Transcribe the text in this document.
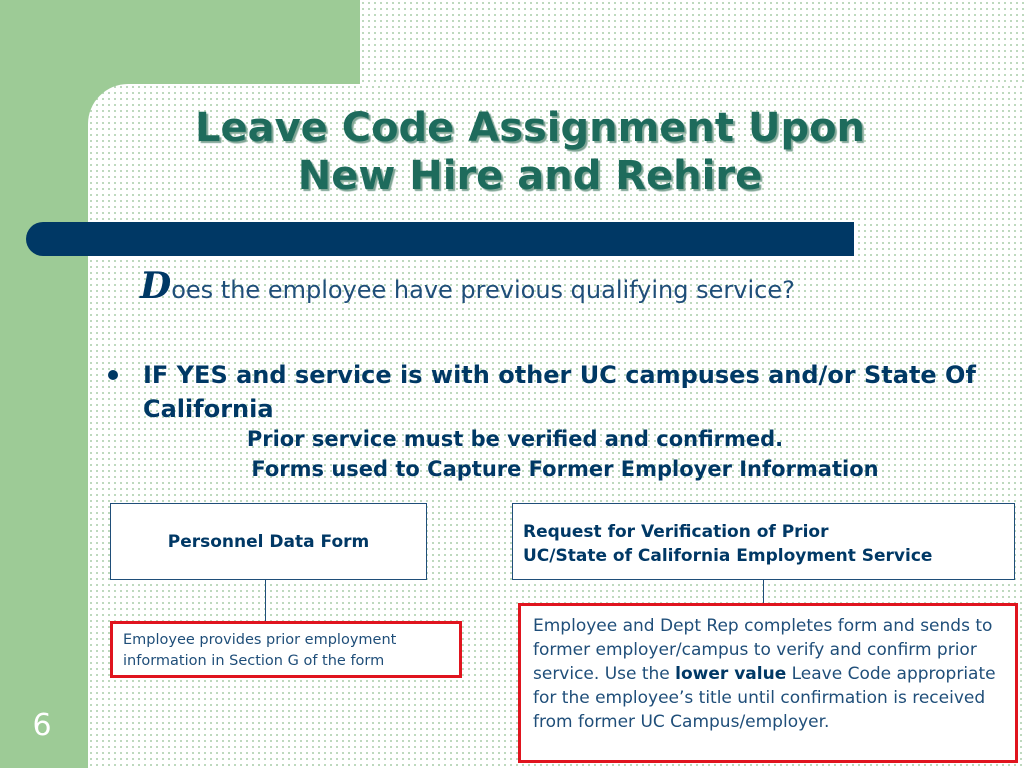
Leave Code Assignment Upon
New Hire and Rehire
Does the employee have previous qualifying service?
IF YES and service is with other UC campuses and/or State Of California
Prior service must be verified and confirmed.
Forms used to Capture Former Employer Information
Personnel Data Form	Request for Verification of Prior
UC/State of California Employment Service
Employee provides prior employment information in Section G of the form
Employee and Dept Rep completes form and sends to former employer/campus to verify and confirm prior service. Use the lower value Leave Code appropriate for the employee’s title until confirmation is received from former UC Campus/employer.
6
